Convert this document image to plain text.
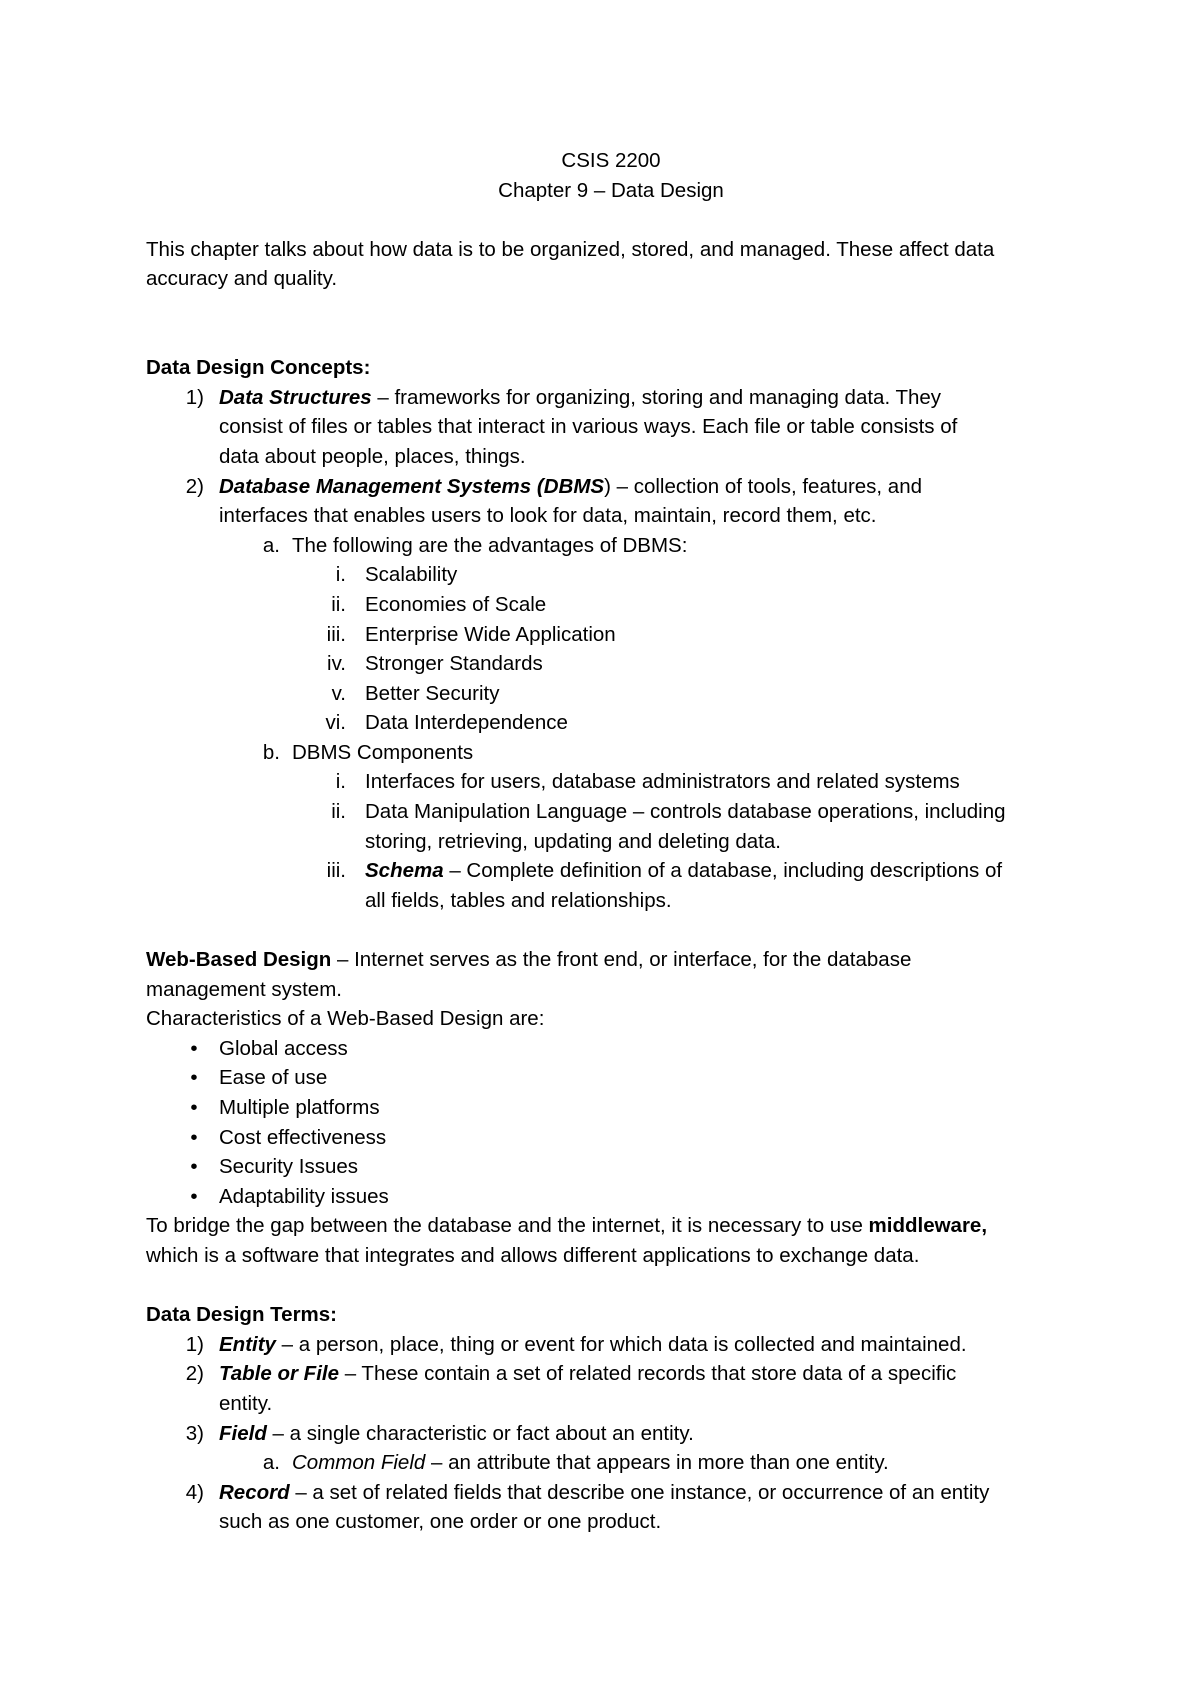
CSIS 2200
Chapter 9 – Data Design
This chapter talks about how data is to be organized, stored, and managed. These affect data
accuracy and quality.
Data Design Concepts:
1) Data Structures – frameworks for organizing, storing and managing data. They
consist of files or tables that interact in various ways. Each file or table consists of
data about people, places, things.
2) Database Management Systems (DBMS) – collection of tools, features, and
interfaces that enables users to look for data, maintain, record them, etc.
a. The following are the advantages of DBMS:
i. Scalability
ii. Economies of Scale
iii. Enterprise Wide Application
iv. Stronger Standards
v. Better Security
vi. Data Interdependence
b. DBMS Components
i. Interfaces for users, database administrators and related systems
ii. Data Manipulation Language – controls database operations, including
storing, retrieving, updating and deleting data.
iii. Schema – Complete definition of a database, including descriptions of
all fields, tables and relationships.
Web-Based Design – Internet serves as the front end, or interface, for the database
management system.
Characteristics of a Web-Based Design are:
•	Global access
•	Ease of use
•	Multiple platforms
•	Cost effectiveness
•	Security Issues
•	Adaptability issues
To bridge the gap between the database and the internet, it is necessary to use middleware,
which is a software that integrates and allows different applications to exchange data.
Data Design Terms:
1) Entity – a person, place, thing or event for which data is collected and maintained.
2) Table or File – These contain a set of related records that store data of a specific
entity.
3) Field – a single characteristic or fact about an entity.
a. Common Field – an attribute that appears in more than one entity.
4) Record – a set of related fields that describe one instance, or occurrence of an entity
such as one customer, one order or one product.
